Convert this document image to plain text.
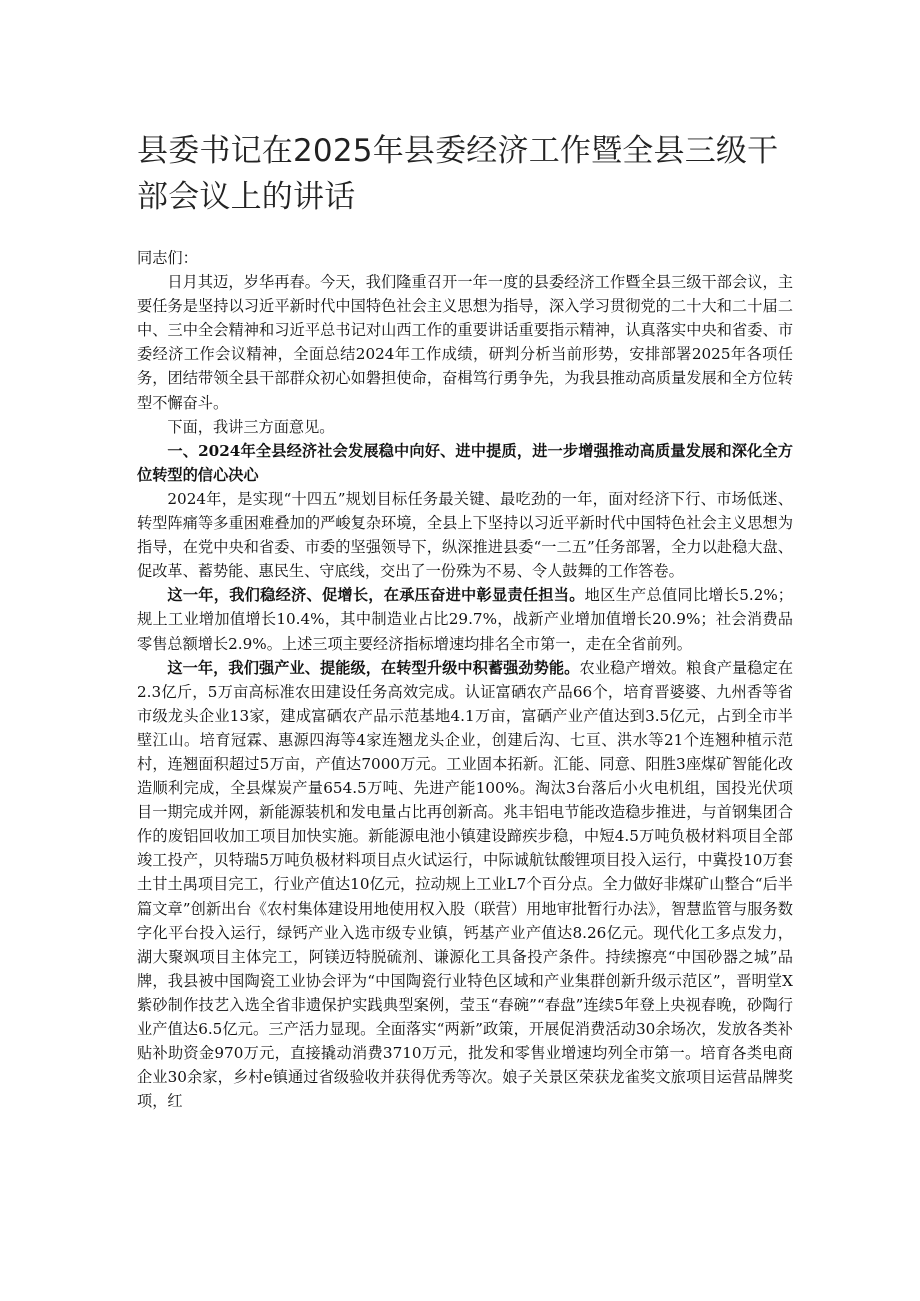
县委书记在2025年县委经济工作暨全县三级干部会议上的讲话

同志们：

日月其迈，岁华再春。今天，我们隆重召开一年一度的县委经济工作暨全县三级干部会议，主要任务是坚持以习近平新时代中国特色社会主义思想为指导，深入学习贯彻党的二十大和二十届二中、三中全会精神和习近平总书记对山西工作的重要讲话重要指示精神，认真落实中央和省委、市委经济工作会议精神，全面总结2024年工作成绩，研判分析当前形势，安排部署2025年各项任务，团结带领全县干部群众初心如磐担使命，奋楫笃行勇争先，为我县推动高质量发展和全方位转型不懈奋斗。

下面，我讲三方面意见。

一、2024年全县经济社会发展稳中向好、进中提质，进一步增强推动高质量发展和深化全方位转型的信心决心

2024年，是实现“十四五”规划目标任务最关键、最吃劲的一年，面对经济下行、市场低迷、转型阵痛等多重困难叠加的严峻复杂环境，全县上下坚持以习近平新时代中国特色社会主义思想为指导，在党中央和省委、市委的坚强领导下，纵深推进县委“一二五”任务部署，全力以赴稳大盘、促改革、蓄势能、惠民生、守底线，交出了一份殊为不易、令人鼓舞的工作答卷。

这一年，我们稳经济、促增长，在承压奋进中彰显责任担当。地区生产总值同比增长5.2%；规上工业增加值增长10.4%，其中制造业占比29.7%，战新产业增加值增长20.9%；社会消费品零售总额增长2.9%。上述三项主要经济指标增速均排名全市第一，走在全省前列。

这一年，我们强产业、提能级，在转型升级中积蓄强劲势能。农业稳产增效。粮食产量稳定在2.3亿斤，5万亩高标准农田建设任务高效完成。认证富硒农产品66个，培育晋婆婆、九州香等省市级龙头企业13家，建成富硒农产品示范基地4.1万亩，富硒产业产值达到3.5亿元，占到全市半壁江山。培育冠霖、惠源四海等4家连翘龙头企业，创建后沟、七亘、洪水等21个连翘种植示范村，连翘面积超过5万亩，产值达7000万元。工业固本拓新。汇能、同意、阳胜3座煤矿智能化改造顺利完成，全县煤炭产量654.5万吨、先进产能100%。淘汰3台落后小火电机组，国投光伏项目一期完成并网，新能源装机和发电量占比再创新高。兆丰铝电节能改造稳步推进，与首钢集团合作的废铝回收加工项目加快实施。新能源电池小镇建设蹄疾步稳，中短4.5万吨负极材料项目全部竣工投产，贝特瑞5万吨负极材料项目点火试运行，中际诚航钛酸锂项目投入运行，中冀投10万套土甘土禺项目完工，行业产值达10亿元，拉动规上工业L7个百分点。全力做好非煤矿山整合“后半篇文章”创新出台《农村集体建设用地使用权入股（联营）用地审批暂行办法》，智慧监管与服务数字化平台投入运行，绿钙产业入选市级专业镇，钙基产业产值达8.26亿元。现代化工多点发力，湖大聚飒项目主体完工，阿镁迈特脱硫剂、谦源化工具备投产条件。持续擦亮“中国砂器之城”品牌，我县被中国陶瓷工业协会评为“中国陶瓷行业特色区域和产业集群创新升级示范区”，晋明堂X紫砂制作技艺入选全省非遗保护实践典型案例，莹玉“春碗”“春盘”连续5年登上央视春晚，砂陶行业产值达6.5亿元。三产活力显现。全面落实“两新”政策，开展促消费活动30余场次，发放各类补贴补助资金970万元，直接撬动消费3710万元，批发和零售业增速均列全市第一。培育各类电商企业30余家，乡村e镇通过省级验收并获得优秀等次。娘子关景区荣获龙雀奖文旅项目运营品牌奖项，红
